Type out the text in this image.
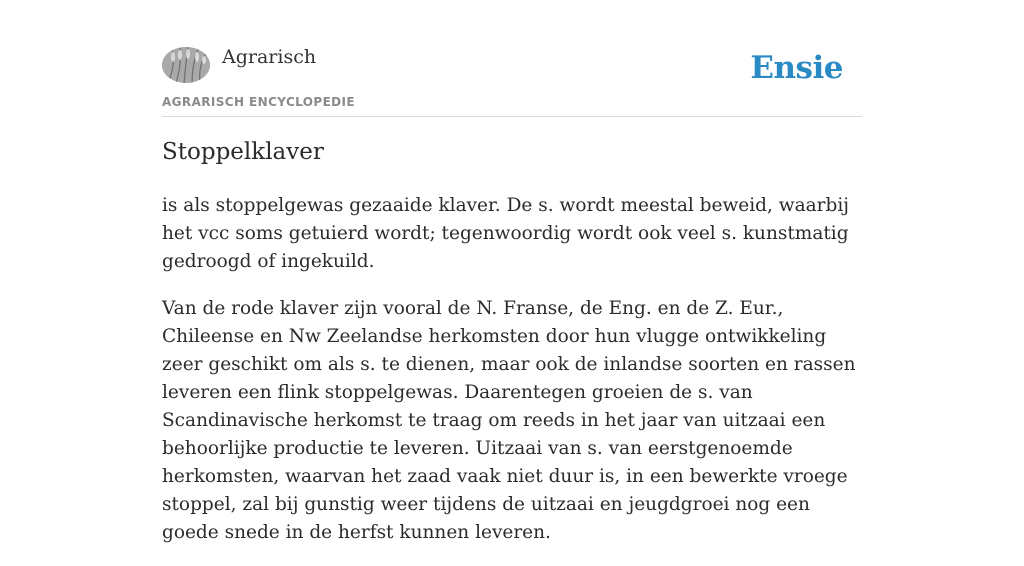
Agrarisch
AGRARISCH ENCYCLOPEDIE
Ensie
Stoppelklaver

is als stoppelgewas gezaaide klaver. De s. wordt meestal beweid, waarbij het vcc soms getuierd wordt; tegenwoordig wordt ook veel s. kunstmatig gedroogd of ingekuild.

Van de rode klaver zijn vooral de N. Franse, de Eng. en de Z. Eur., Chileense en Nw Zeelandse herkomsten door hun vlugge ontwikkeling zeer geschikt om als s. te dienen, maar ook de inlandse soorten en rassen leveren een flink stoppelgewas. Daarentegen groeien de s. van Scandinavische herkomst te traag om reeds in het jaar van uitzaai een behoorlijke productie te leveren. Uitzaai van s. van eerstgenoemde herkomsten, waarvan het zaad vaak niet duur is, in een bewerkte vroege stoppel, zal bij gunstig weer tijdens de uitzaai en jeugdgroei nog een goede snede in de herfst kunnen leveren.
